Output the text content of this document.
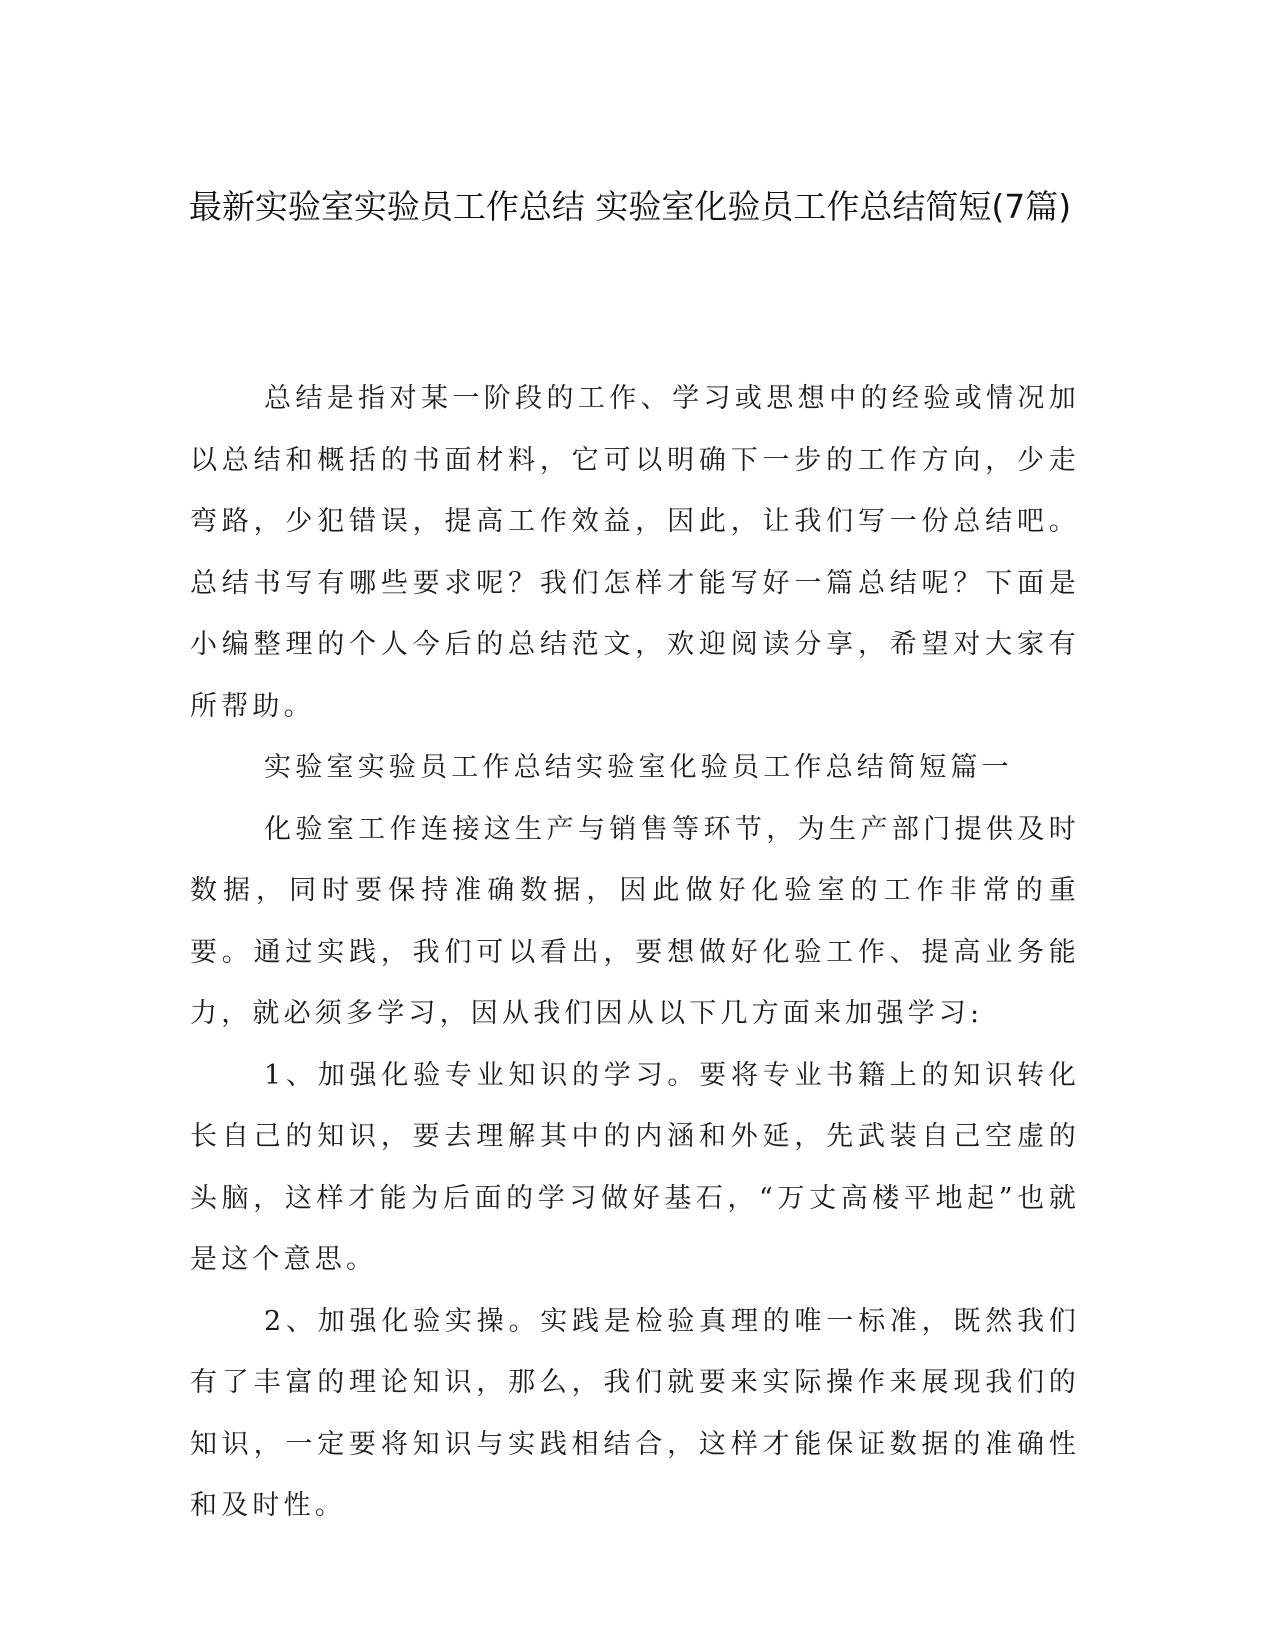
最新实验室实验员工作总结 实验室化验员工作总结简短(7篇)

总结是指对某一阶段的工作、学习或思想中的经验或情况加以总结和概括的书面材料，它可以明确下一步的工作方向，少走弯路，少犯错误，提高工作效益，因此，让我们写一份总结吧。总结书写有哪些要求呢？我们怎样才能写好一篇总结呢？下面是小编整理的个人今后的总结范文，欢迎阅读分享，希望对大家有所帮助。

实验室实验员工作总结实验室化验员工作总结简短篇一

化验室工作连接这生产与销售等环节，为生产部门提供及时数据，同时要保持准确数据，因此做好化验室的工作非常的重要。通过实践，我们可以看出，要想做好化验工作、提高业务能力，就必须多学习，因从我们因从以下几方面来加强学习:

1、加强化验专业知识的学习。要将专业书籍上的知识转化长自己的知识，要去理解其中的内涵和外延，先武装自己空虚的头脑，这样才能为后面的学习做好基石，“万丈高楼平地起”也就是这个意思。

2、加强化验实操。实践是检验真理的唯一标准，既然我们有了丰富的理论知识，那么，我们就要来实际操作来展现我们的知识，一定要将知识与实践相结合，这样才能保证数据的准确性和及时性。
